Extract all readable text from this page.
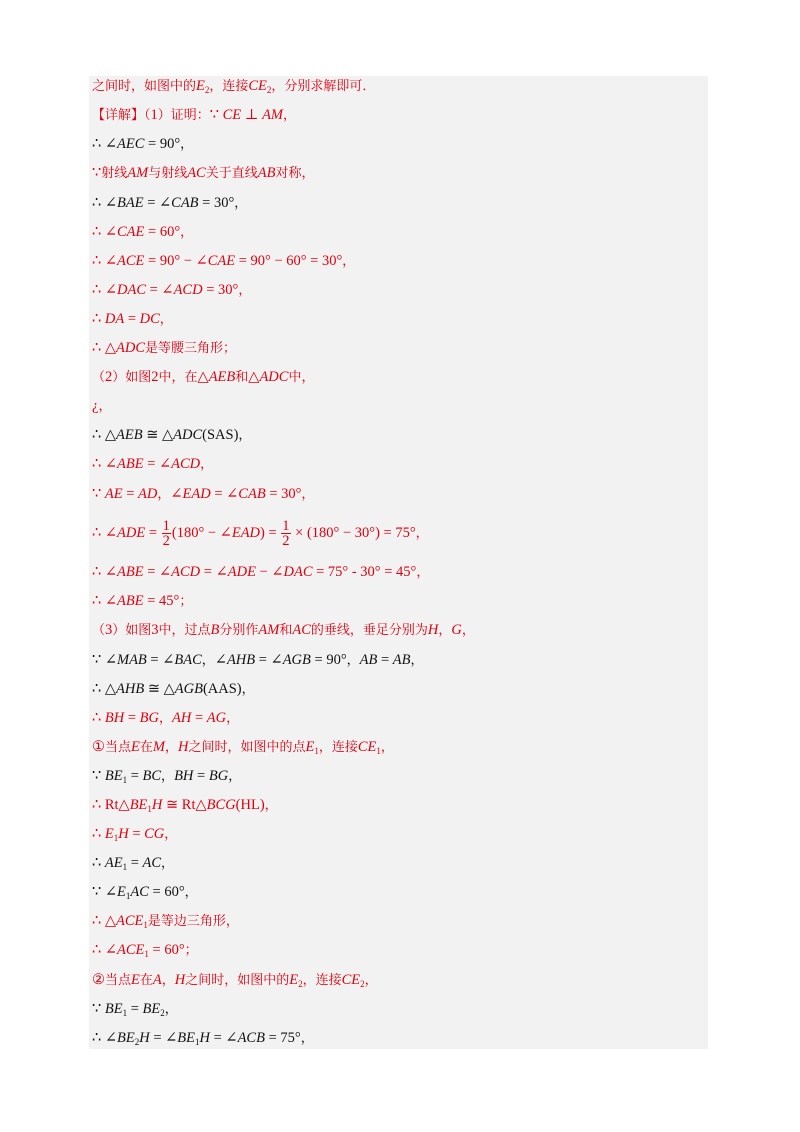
之间时，如图中的$E_2$，连接$CE_2$，分别求解即可．
【详解】（1）证明：∵ CE ⊥ AM，
∴ ∠AEC = 90°，
∵射线AM与射线AC关于直线AB对称，
∴ ∠BAE = ∠CAB = 30°，
∴ ∠CAE = 60°，
∴ ∠ACE = 90° − ∠CAE = 90° − 60° = 30°，
∴ ∠DAC = ∠ACD = 30°，
∴ DA = DC，
∴ △ADC是等腰三角形；
（2）如图2中，在△AEB和△ADC中，
¿，
∴ △AEB ≅ △ADC(SAS)，
∴ ∠ABE = ∠ACD，
∵ AE = AD，∠EAD = ∠CAB = 30°，
∴ ∠ADE = $\frac{1}{2} (180^\circ$ − ∠EAD) = $\frac{1}{2} \times (180^\circ - 30^\circ) = 75^\circ$，
∴ ∠ABE = ∠ACD = ∠ADE − ∠DAC = 75° - 30° = 45°，
∴ ∠ABE = 45°；
（3）如图3中，过点B分别作AM和AC的垂线，垂足分别为H，G，
∵ ∠MAB = ∠BAC，∠AHB = ∠AGB = 90°，AB = AB，
∴ △AHB ≅ △AGB(AAS)，
∴ BH = BG，AH = AG，
①当点E在M，H之间时，如图中的点$E_1$，连接$CE_1$，
∵ $BE_1$ = BC，BH = BG，
∴ $Rt\triangle BE_1H$ ≅ Rt△BCG(HL)，
∴ $E_1H$ = CG，
∴ $AE_1$ = AC，
∵ $\angle E_1AC = 60^\circ$，
∴ $\triangle ACE_1$是等边三角形，
∴ $\angle ACE_1 = 60^\circ$；
②当点E在A，H之间时，如图中的$E_2$，连接$CE_2$，
∵ $BE_1 = BE_2$，
∴ $\angle BE_2H$ = $\angle BE_1H$ = ∠ACB = 75°，
